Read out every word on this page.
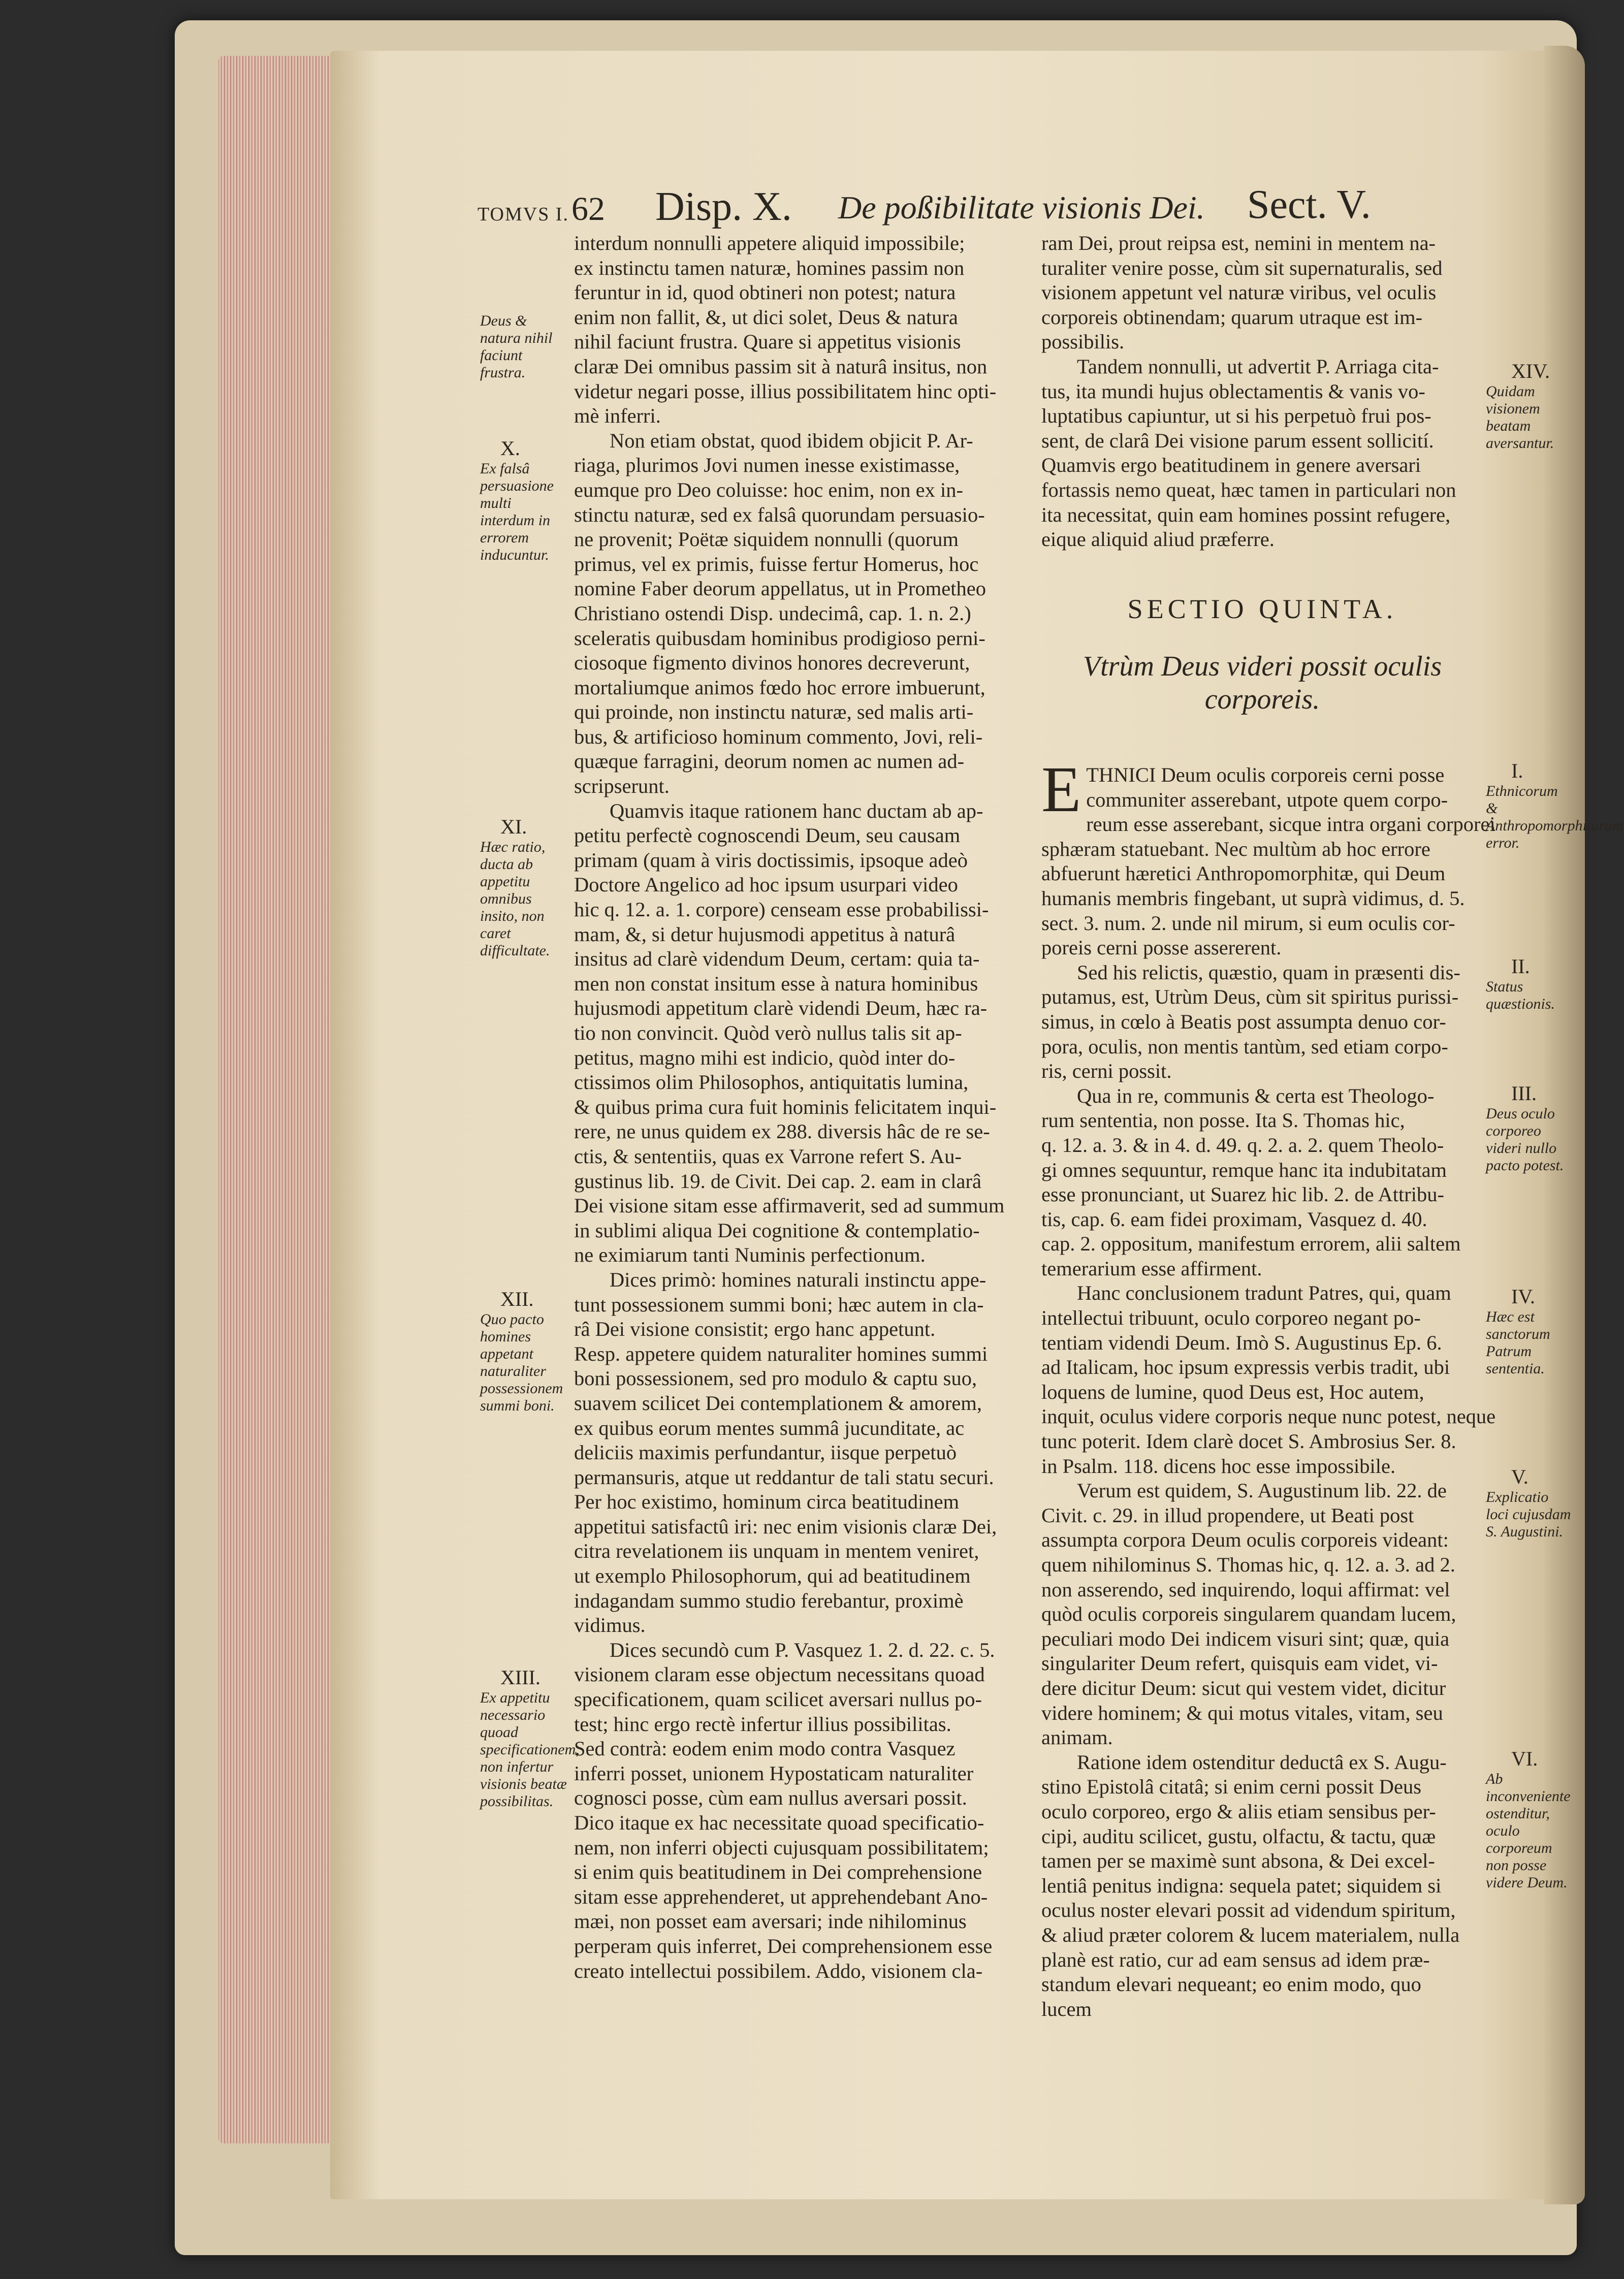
TOMVS I. 62 Disp. X. De poßibilitate visionis Dei. Sect. V.
interdum nonnulli appetere aliquid impossibile;
ex instinctu tamen naturæ, homines passim non
feruntur in id, quod obtineri non potest; natura
enim non fallit, &, ut dici solet, Deus & natura
nihil faciunt frustra. Quare si appetitus visionis
claræ Dei omnibus passim sit à naturâ insitus, non
videtur negari posse, illius possibilitatem hinc opti-
mè inferri.
Non etiam obstat, quod ibidem objicit P. Ar-
riaga, plurimos Jovi numen inesse existimasse,
eumque pro Deo coluisse: hoc enim, non ex in-
stinctu naturæ, sed ex falsâ quorundam persuasio-
ne provenit; Poëtæ siquidem nonnulli (quorum
primus, vel ex primis, fuisse fertur Homerus, hoc
nomine Faber deorum appellatus, ut in Prometheo
Christiano ostendi Disp. undecimâ, cap. 1. n. 2.)
sceleratis quibusdam hominibus prodigioso perni-
ciosoque figmento divinos honores decreverunt,
mortaliumque animos fœdo hoc errore imbuerunt,
qui proinde, non instinctu naturæ, sed malis arti-
bus, & artificioso hominum commento, Jovi, reli-
quæque farragini, deorum nomen ac numen ad-
scripserunt.
Quamvis itaque rationem hanc ductam ab ap-
petitu perfectè cognoscendi Deum, seu causam
primam (quam à viris doctissimis, ipsoque adeò
Doctore Angelico ad hoc ipsum usurpari video
hic q. 12. a. 1. corpore) censeam esse probabilissi-
mam, &, si detur hujusmodi appetitus à naturâ
insitus ad clarè videndum Deum, certam: quia ta-
men non constat insitum esse à natura hominibus
hujusmodi appetitum clarè videndi Deum, hæc ra-
tio non convincit. Quòd verò nullus talis sit ap-
petitus, magno mihi est indicio, quòd inter do-
ctissimos olim Philosophos, antiquitatis lumina,
& quibus prima cura fuit hominis felicitatem inqui-
rere, ne unus quidem ex 288. diversis hâc de re se-
ctis, & sententiis, quas ex Varrone refert S. Au-
gustinus lib. 19. de Civit. Dei cap. 2. eam in clarâ
Dei visione sitam esse affirmaverit, sed ad summum
in sublimi aliqua Dei cognitione & contemplatio-
ne eximiarum tanti Numinis perfectionum.
Dices primò: homines naturali instinctu appe-
tunt possessionem summi boni; hæc autem in cla-
râ Dei visione consistit; ergo hanc appetunt.
Resp. appetere quidem naturaliter homines summi
boni possessionem, sed pro modulo & captu suo,
suavem scilicet Dei contemplationem & amorem,
ex quibus eorum mentes summâ jucunditate, ac
deliciis maximis perfundantur, iisque perpetuò
permansuris, atque ut reddantur de tali statu securi.
Per hoc existimo, hominum circa beatitudinem
appetitui satisfactû iri: nec enim visionis claræ Dei,
citra revelationem iis unquam in mentem veniret,
ut exemplo Philosophorum, qui ad beatitudinem
indagandam summo studio ferebantur, proximè
vidimus.
Dices secundò cum P. Vasquez 1. 2. d. 22. c. 5.
visionem claram esse objectum necessitans quoad
specificationem, quam scilicet aversari nullus po-
test; hinc ergo rectè infertur illius possibilitas.
Sed contrà: eodem enim modo contra Vasquez
inferri posset, unionem Hypostaticam naturaliter
cognosci posse, cùm eam nullus aversari possit.
Dico itaque ex hac necessitate quoad specificatio-
nem, non inferri objecti cujusquam possibilitatem;
si enim quis beatitudinem in Dei comprehensione
sitam esse apprehenderet, ut apprehendebant Ano-
mæi, non posset eam aversari; inde nihilominus
perperam quis inferret, Dei comprehensionem esse
creato intellectui possibilem. Addo, visionem cla-
ram Dei, prout reipsa est, nemini in mentem na-
turaliter venire posse, cùm sit supernaturalis, sed
visionem appetunt vel naturæ viribus, vel oculis
corporeis obtinendam; quarum utraque est im-
possibilis.
Tandem nonnulli, ut advertit P. Arriaga cita-
tus, ita mundi hujus oblectamentis & vanis vo-
luptatibus capiuntur, ut si his perpetuò frui pos-
sent, de clarâ Dei visione parum essent sollicití.
Quamvis ergo beatitudinem in genere aversari
fortassis nemo queat, hæc tamen in particulari non
ita necessitat, quin eam homines possint refugere,
eique aliquid aliud præferre.
SECTIO QUINTA.
Vtrùm Deus videri possit oculis
corporeis.
E THNICI Deum oculis corporeis cerni posse
communiter asserebant, utpote quem corpo-
reum esse asserebant, sicque intra organi corporei
sphæram statuebant. Nec multùm ab hoc errore
abfuerunt hæretici Anthropomorphitæ, qui Deum
humanis membris fingebant, ut suprà vidimus, d. 5.
sect. 3. num. 2. unde nil mirum, si eum oculis cor-
poreis cerni posse assererent.
Sed his relictis, quæstio, quam in præsenti dis-
putamus, est, Utrùm Deus, cùm sit spiritus purissi-
simus, in cœlo à Beatis post assumpta denuo cor-
pora, oculis, non mentis tantùm, sed etiam corpo-
ris, cerni possit.
Qua in re, communis & certa est Theologo-
rum sententia, non posse. Ita S. Thomas hic,
q. 12. a. 3. & in 4. d. 49. q. 2. a. 2. quem Theolo-
gi omnes sequuntur, remque hanc ita indubitatam
esse pronunciant, ut Suarez hic lib. 2. de Attribu-
tis, cap. 6. eam fidei proximam, Vasquez d. 40.
cap. 2. oppositum, manifestum errorem, alii saltem
temerarium esse affirment.
Hanc conclusionem tradunt Patres, qui, quam
intellectui tribuunt, oculo corporeo negant po-
tentiam videndi Deum. Imò S. Augustinus Ep. 6.
ad Italicam, hoc ipsum expressis verbis tradit, ubi
loquens de lumine, quod Deus est, Hoc autem,
inquit, oculus videre corporis neque nunc potest, neque
tunc poterit. Idem clarè docet S. Ambrosius Ser. 8.
in Psalm. 118. dicens hoc esse impossibile.
Verum est quidem, S. Augustinum lib. 22. de
Civit. c. 29. in illud propendere, ut Beati post
assumpta corpora Deum oculis corporeis videant:
quem nihilominus S. Thomas hic, q. 12. a. 3. ad 2.
non asserendo, sed inquirendo, loqui affirmat: vel
quòd oculis corporeis singularem quandam lucem,
peculiari modo Dei indicem visuri sint; quæ, quia
singulariter Deum refert, quisquis eam videt, vi-
dere dicitur Deum: sicut qui vestem videt, dicitur
videre hominem; & qui motus vitales, vitam, seu
animam.
Ratione idem ostenditur deductâ ex S. Augu-
stino Epistolâ citatâ; si enim cerni possit Deus
oculo corporeo, ergo & aliis etiam sensibus per-
cipi, auditu scilicet, gustu, olfactu, & tactu, quæ
tamen per se maximè sunt absona, & Dei excel-
lentiâ penitus indigna: sequela patet; siquidem si
oculus noster elevari possit ad videndum spiritum,
& aliud præter colorem & lucem materialem, nulla
planè est ratio, cur ad eam sensus ad idem præ-
standum elevari nequeant; eo enim modo, quo
lucem
Deus & natura nihil faciunt frustra.
X.
Ex falsâ persuasione multi interdum in errorem inducuntur.
XI.
Hæc ratio, ducta ab appetitu omnibus insito, non caret difficultate.
XII.
Quo pacto homines appetant naturaliter possessionem summi boni.
XIII.
Ex appetitu necessario quoad specificationem, non infertur visionis beatæ possibilitas.
XIV.
Quidam visionem beatam aversantur.
I.
Ethnicorum & Anthropomorphitarum error.
II.
Status quæstionis.
III.
Deus oculo corporeo videri nullo pacto potest.
IV.
Hæc est sanctorum Patrum sententia.
V.
Explicatio loci cujusdam S. Augustini.
VI.
Ab inconveniente ostenditur, oculo corporeum non posse videre Deum.
